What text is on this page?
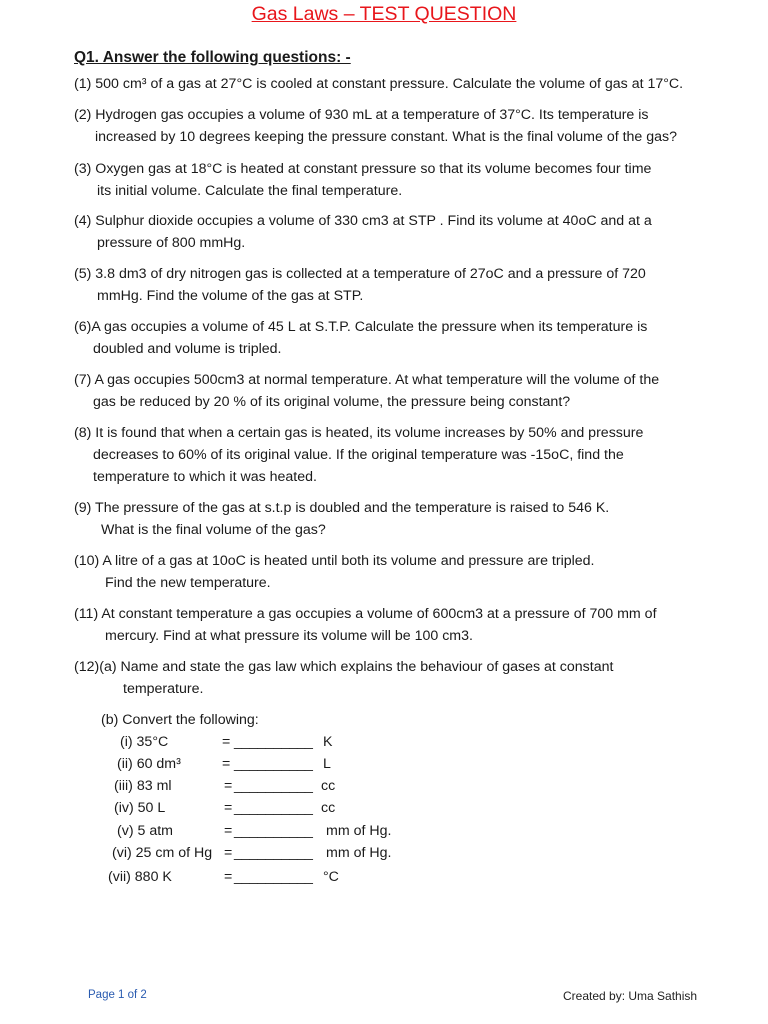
Gas Laws – TEST QUESTION
Q1. Answer the following questions: -
(1) 500 cm³ of a gas at 27°C is cooled at constant pressure. Calculate the volume of gas at 17°C.
(2) Hydrogen gas occupies a volume of 930 mL at a temperature of 37°C. Its temperature is
increased by 10 degrees keeping the pressure constant. What is the final volume of the gas?
(3) Oxygen gas at 18°C is heated at constant pressure so that its volume becomes four time
its initial volume. Calculate the final temperature.
(4) Sulphur dioxide occupies a volume of 330 cm3 at STP . Find its volume at 40oC and at a
pressure of 800 mmHg.
(5) 3.8 dm3 of dry nitrogen gas is collected at a temperature of 27oC and a pressure of 720
mmHg. Find the volume of the gas at STP.
(6)A gas occupies a volume of 45 L at S.T.P. Calculate the pressure when its temperature is
doubled and volume is tripled.
(7) A gas occupies 500cm3 at normal temperature. At what temperature will the volume of the
gas be reduced by 20 % of its original volume, the pressure being constant?
(8) It is found that when a certain gas is heated, its volume increases by 50% and pressure
decreases to 60% of its original value. If the original temperature was -15oC, find the
temperature to which it was heated.
(9) The pressure of the gas at s.t.p is doubled and the temperature is raised to 546 K.
What is the final volume of the gas?
(10) A litre of a gas at 10oC is heated until both its volume and pressure are tripled.
Find the new temperature.
(11) At constant temperature a gas occupies a volume of 600cm3 at a pressure of 700 mm of
mercury. Find at what pressure its volume will be 100 cm3.
(12)(a) Name and state the gas law which explains the behaviour of gases at constant
temperature.
(b) Convert the following:
(i) 35°C	= __________ K
(ii) 60 dm³	= __________ L
(iii) 83 ml	= __________ cc
(iv) 50 L	= __________ cc
(v) 5 atm	= __________ mm of Hg.
(vi) 25 cm of Hg = __________ mm of Hg.
(vii) 880 K	= __________ °C
Page 1 of 2	Created by: Uma Sathish
